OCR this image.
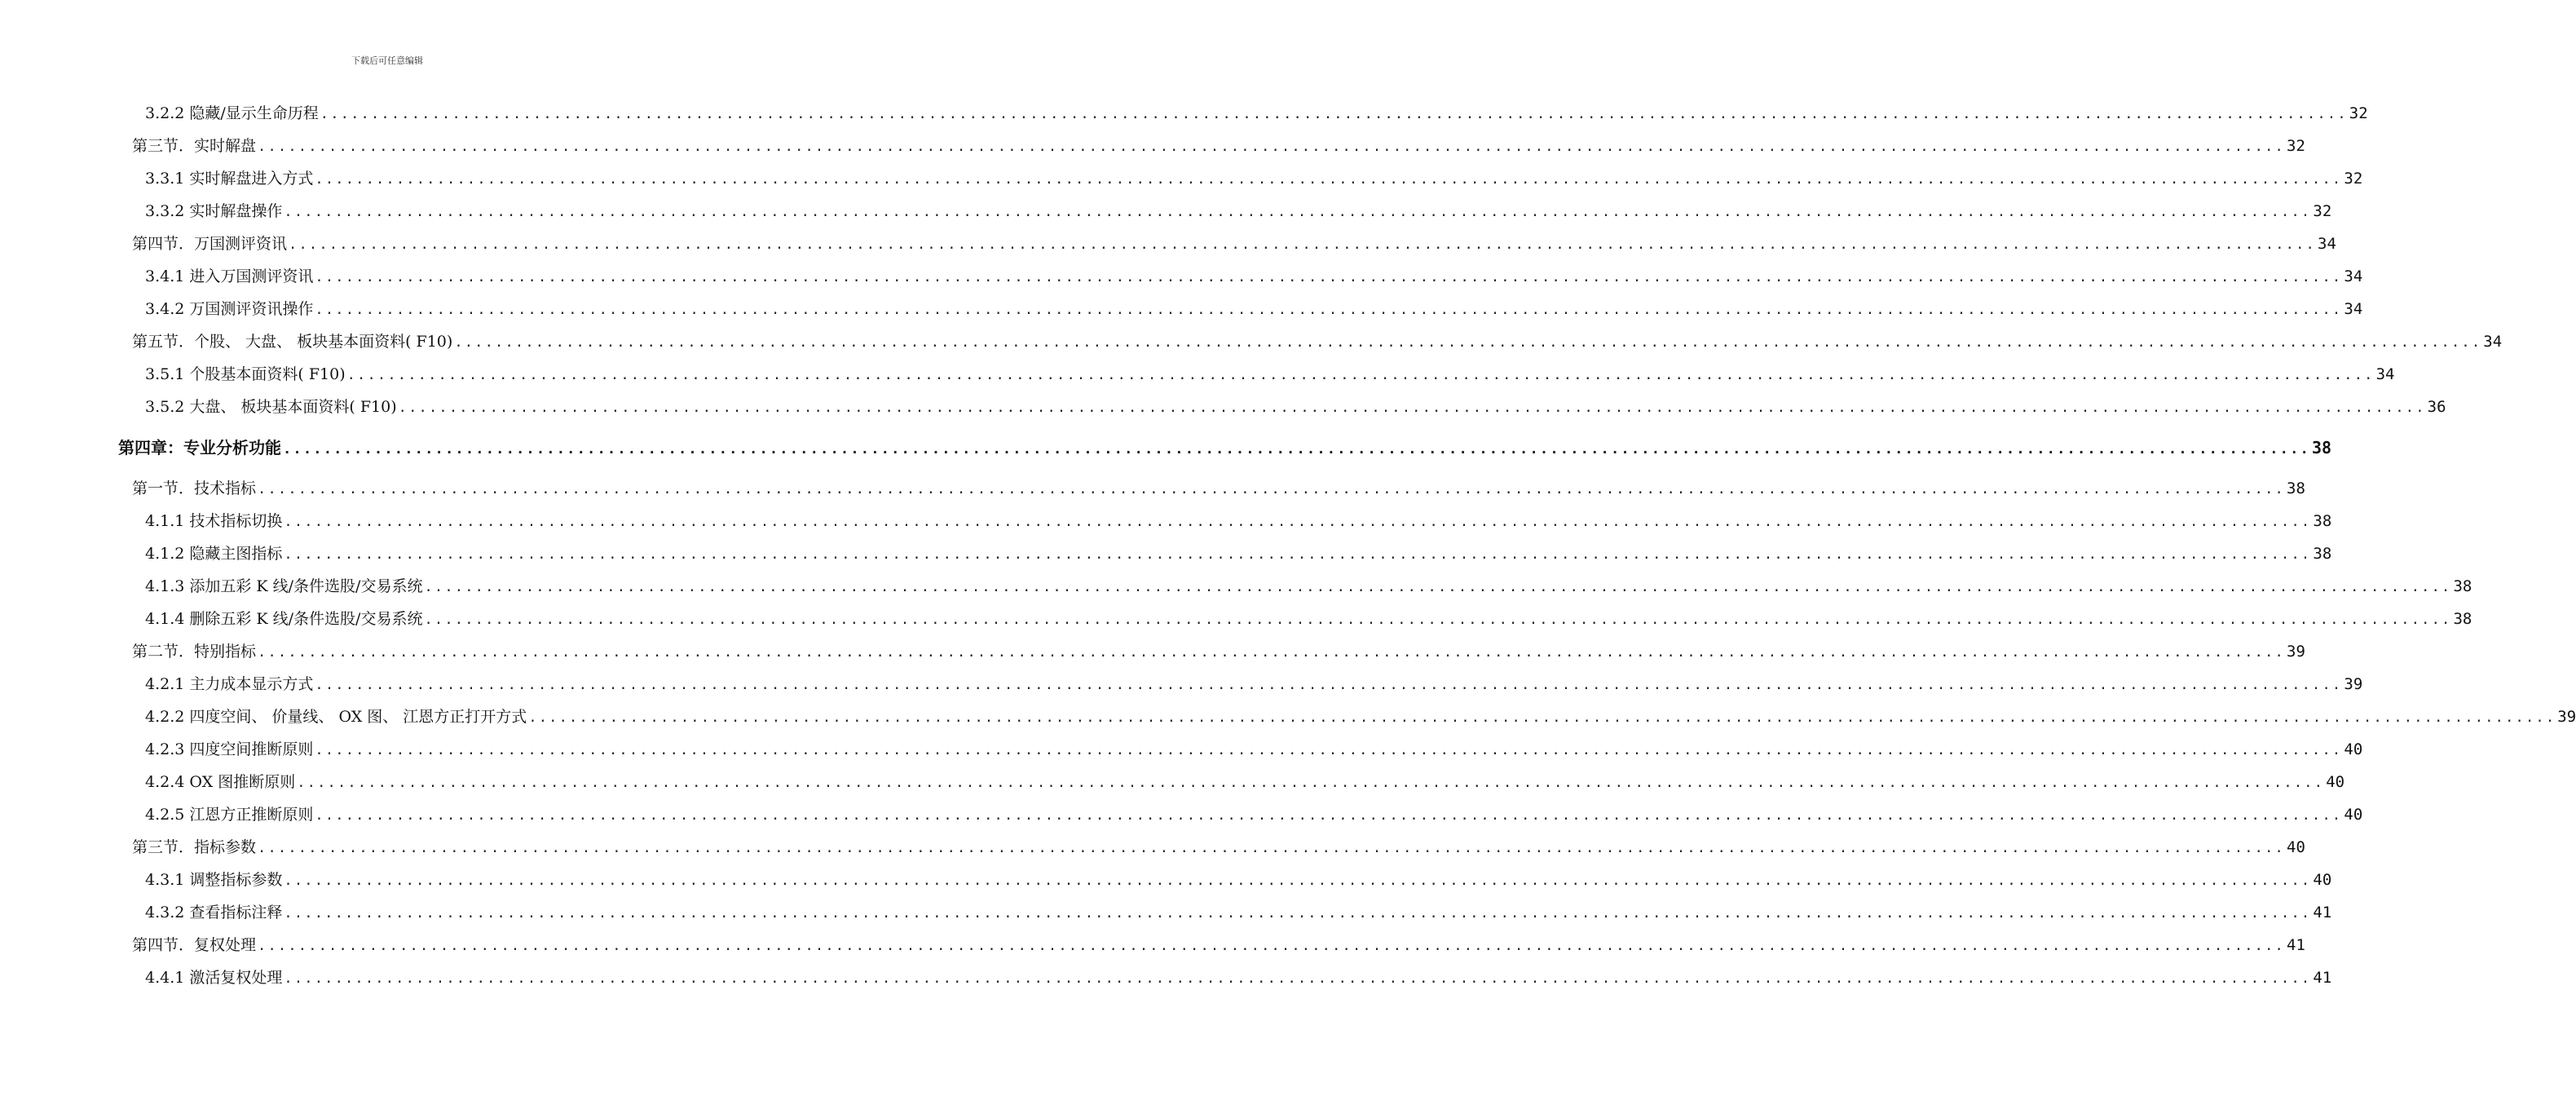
下载后可任意编辑
3.2.2 隐藏/显示生命历程 ........................................................................................................................................................................................................ 32
第三节．实时解盘 ........................................................................................................................................................................................................ 32
3.3.1 实时解盘进入方式 ........................................................................................................................................................................................................ 32
3.3.2 实时解盘操作 ........................................................................................................................................................................................................ 32
第四节．万国测评资讯 ........................................................................................................................................................................................................ 34
3.4.1 进入万国测评资讯 ........................................................................................................................................................................................................ 34
3.4.2 万国测评资讯操作 ........................................................................................................................................................................................................ 34
第五节．个股、 大盘、 板块基本面资料( F10) ........................................................................................................................................................................................................ 34
3.5.1 个股基本面资料( F10) ........................................................................................................................................................................................................ 34
3.5.2 大盘、 板块基本面资料( F10) ........................................................................................................................................................................................................ 36
第四章：专业分析功能 ........................................................................................................................................................................................................ 38
第一节．技术指标 ........................................................................................................................................................................................................ 38
4.1.1 技术指标切换 ........................................................................................................................................................................................................ 38
4.1.2 隐藏主图指标 ........................................................................................................................................................................................................ 38
4.1.3 添加五彩 K 线/条件选股/交易系统 ........................................................................................................................................................................................................ 38
4.1.4 删除五彩 K 线/条件选股/交易系统 ........................................................................................................................................................................................................ 38
第二节．特别指标 ........................................................................................................................................................................................................ 39
4.2.1 主力成本显示方式 ........................................................................................................................................................................................................ 39
4.2.2 四度空间、 价量线、 OX 图、 江恩方正打开方式 ........................................................................................................................................................................................................ 39
4.2.3 四度空间推断原则 ........................................................................................................................................................................................................ 40
4.2.4 OX 图推断原则 ........................................................................................................................................................................................................ 40
4.2.5 江恩方正推断原则 ........................................................................................................................................................................................................ 40
第三节．指标参数 ........................................................................................................................................................................................................ 40
4.3.1 调整指标参数 ........................................................................................................................................................................................................ 40
4.3.2 查看指标注释 ........................................................................................................................................................................................................ 41
第四节．复权处理 ........................................................................................................................................................................................................ 41
4.4.1 激活复权处理 ........................................................................................................................................................................................................ 41
